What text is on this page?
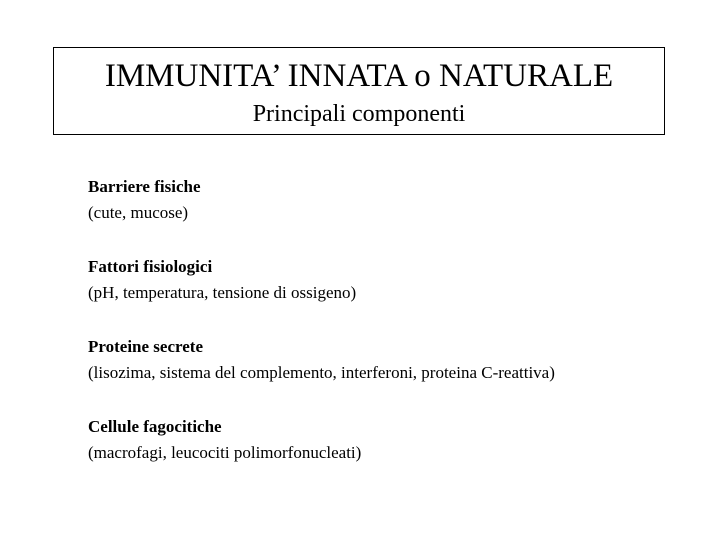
IMMUNITA’ INNATA o NATURALE
Principali componenti
Barriere fisiche
(cute, mucose)
Fattori fisiologici
(pH, temperatura, tensione di ossigeno)
Proteine secrete
(lisozima, sistema del complemento, interferoni, proteina C-reattiva)
Cellule fagocitiche
(macrofagi, leucociti polimorfonucleati)
